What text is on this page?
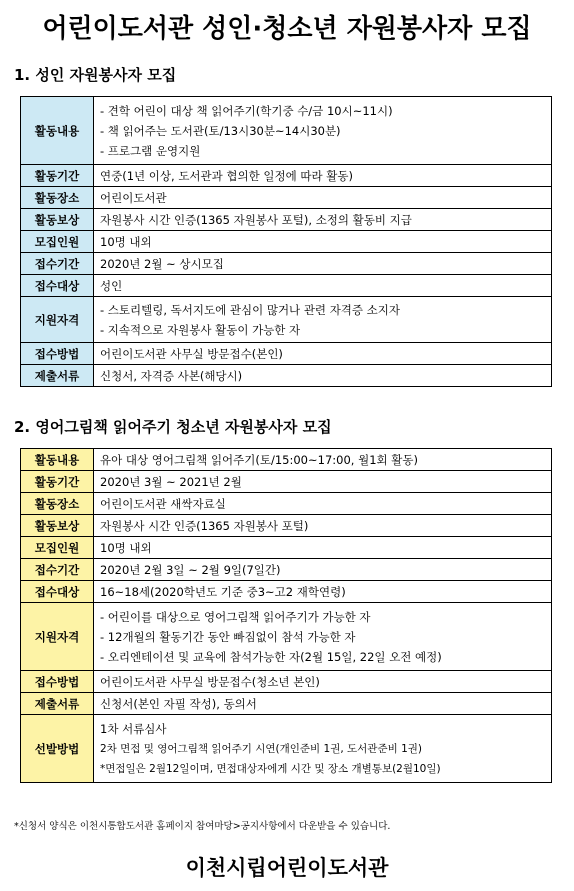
어린이도서관 성인·청소년 자원봉사자 모집
1. 성인 자원봉사자 모집
활동내용	- 견학 어린이 대상 책 읽어주기(학기중 수/금 10시~11시)
- 책 읽어주는 도서관(토/13시30분~14시30분)
- 프로그램 운영지원

활동기간	연중(1년 이상, 도서관과 협의한 일정에 따라 활동)

활동장소	어린이도서관

활동보상	자원봉사 시간 인증(1365 자원봉사 포털), 소정의 활동비 지급

모집인원	10명 내외

접수기간	2020년 2월 ~ 상시모집

접수대상	성인

지원자격	- 스토리텔링, 독서지도에 관심이 많거나 관련 자격증 소지자
- 지속적으로 자원봉사 활동이 가능한 자

접수방법	어린이도서관 사무실 방문접수(본인)

제출서류	신청서, 자격증 사본(해당시)
2. 영어그림책 읽어주기 청소년 자원봉사자 모집
활동내용	유아 대상 영어그림책 읽어주기(토/15:00~17:00, 월1회 활동)

활동기간	2020년 3월 ~ 2021년 2월

활동장소	어린이도서관 새싹자료실

활동보상	자원봉사 시간 인증(1365 자원봉사 포털)

모집인원	10명 내외

접수기간	2020년 2월 3일 ~ 2월 9일(7일간)

접수대상	16~18세(2020학년도 기준 중3~고2 재학연령)

지원자격	- 어린이를 대상으로 영어그림책 읽어주기가 가능한 자
- 12개월의 활동기간 동안 빠짐없이 참석 가능한 자
- 오리엔테이션 및 교육에 참석가능한 자(2월 15일, 22일 오전 예정)

접수방법	어린이도서관 사무실 방문접수(청소년 본인)

제출서류	신청서(본인 자필 작성), 동의서

선발방법	1차 서류심사
2차 면접 및 영어그림책 읽어주기 시연(개인준비 1권, 도서관준비 1권)
*면접일은 2월12일이며, 면접대상자에게 시간 및 장소 개별통보(2월10일)
*신청서 양식은 이천시통합도서관 홈페이지 참여마당>공지사항에서 다운받을 수 있습니다.
이천시립어린이도서관
